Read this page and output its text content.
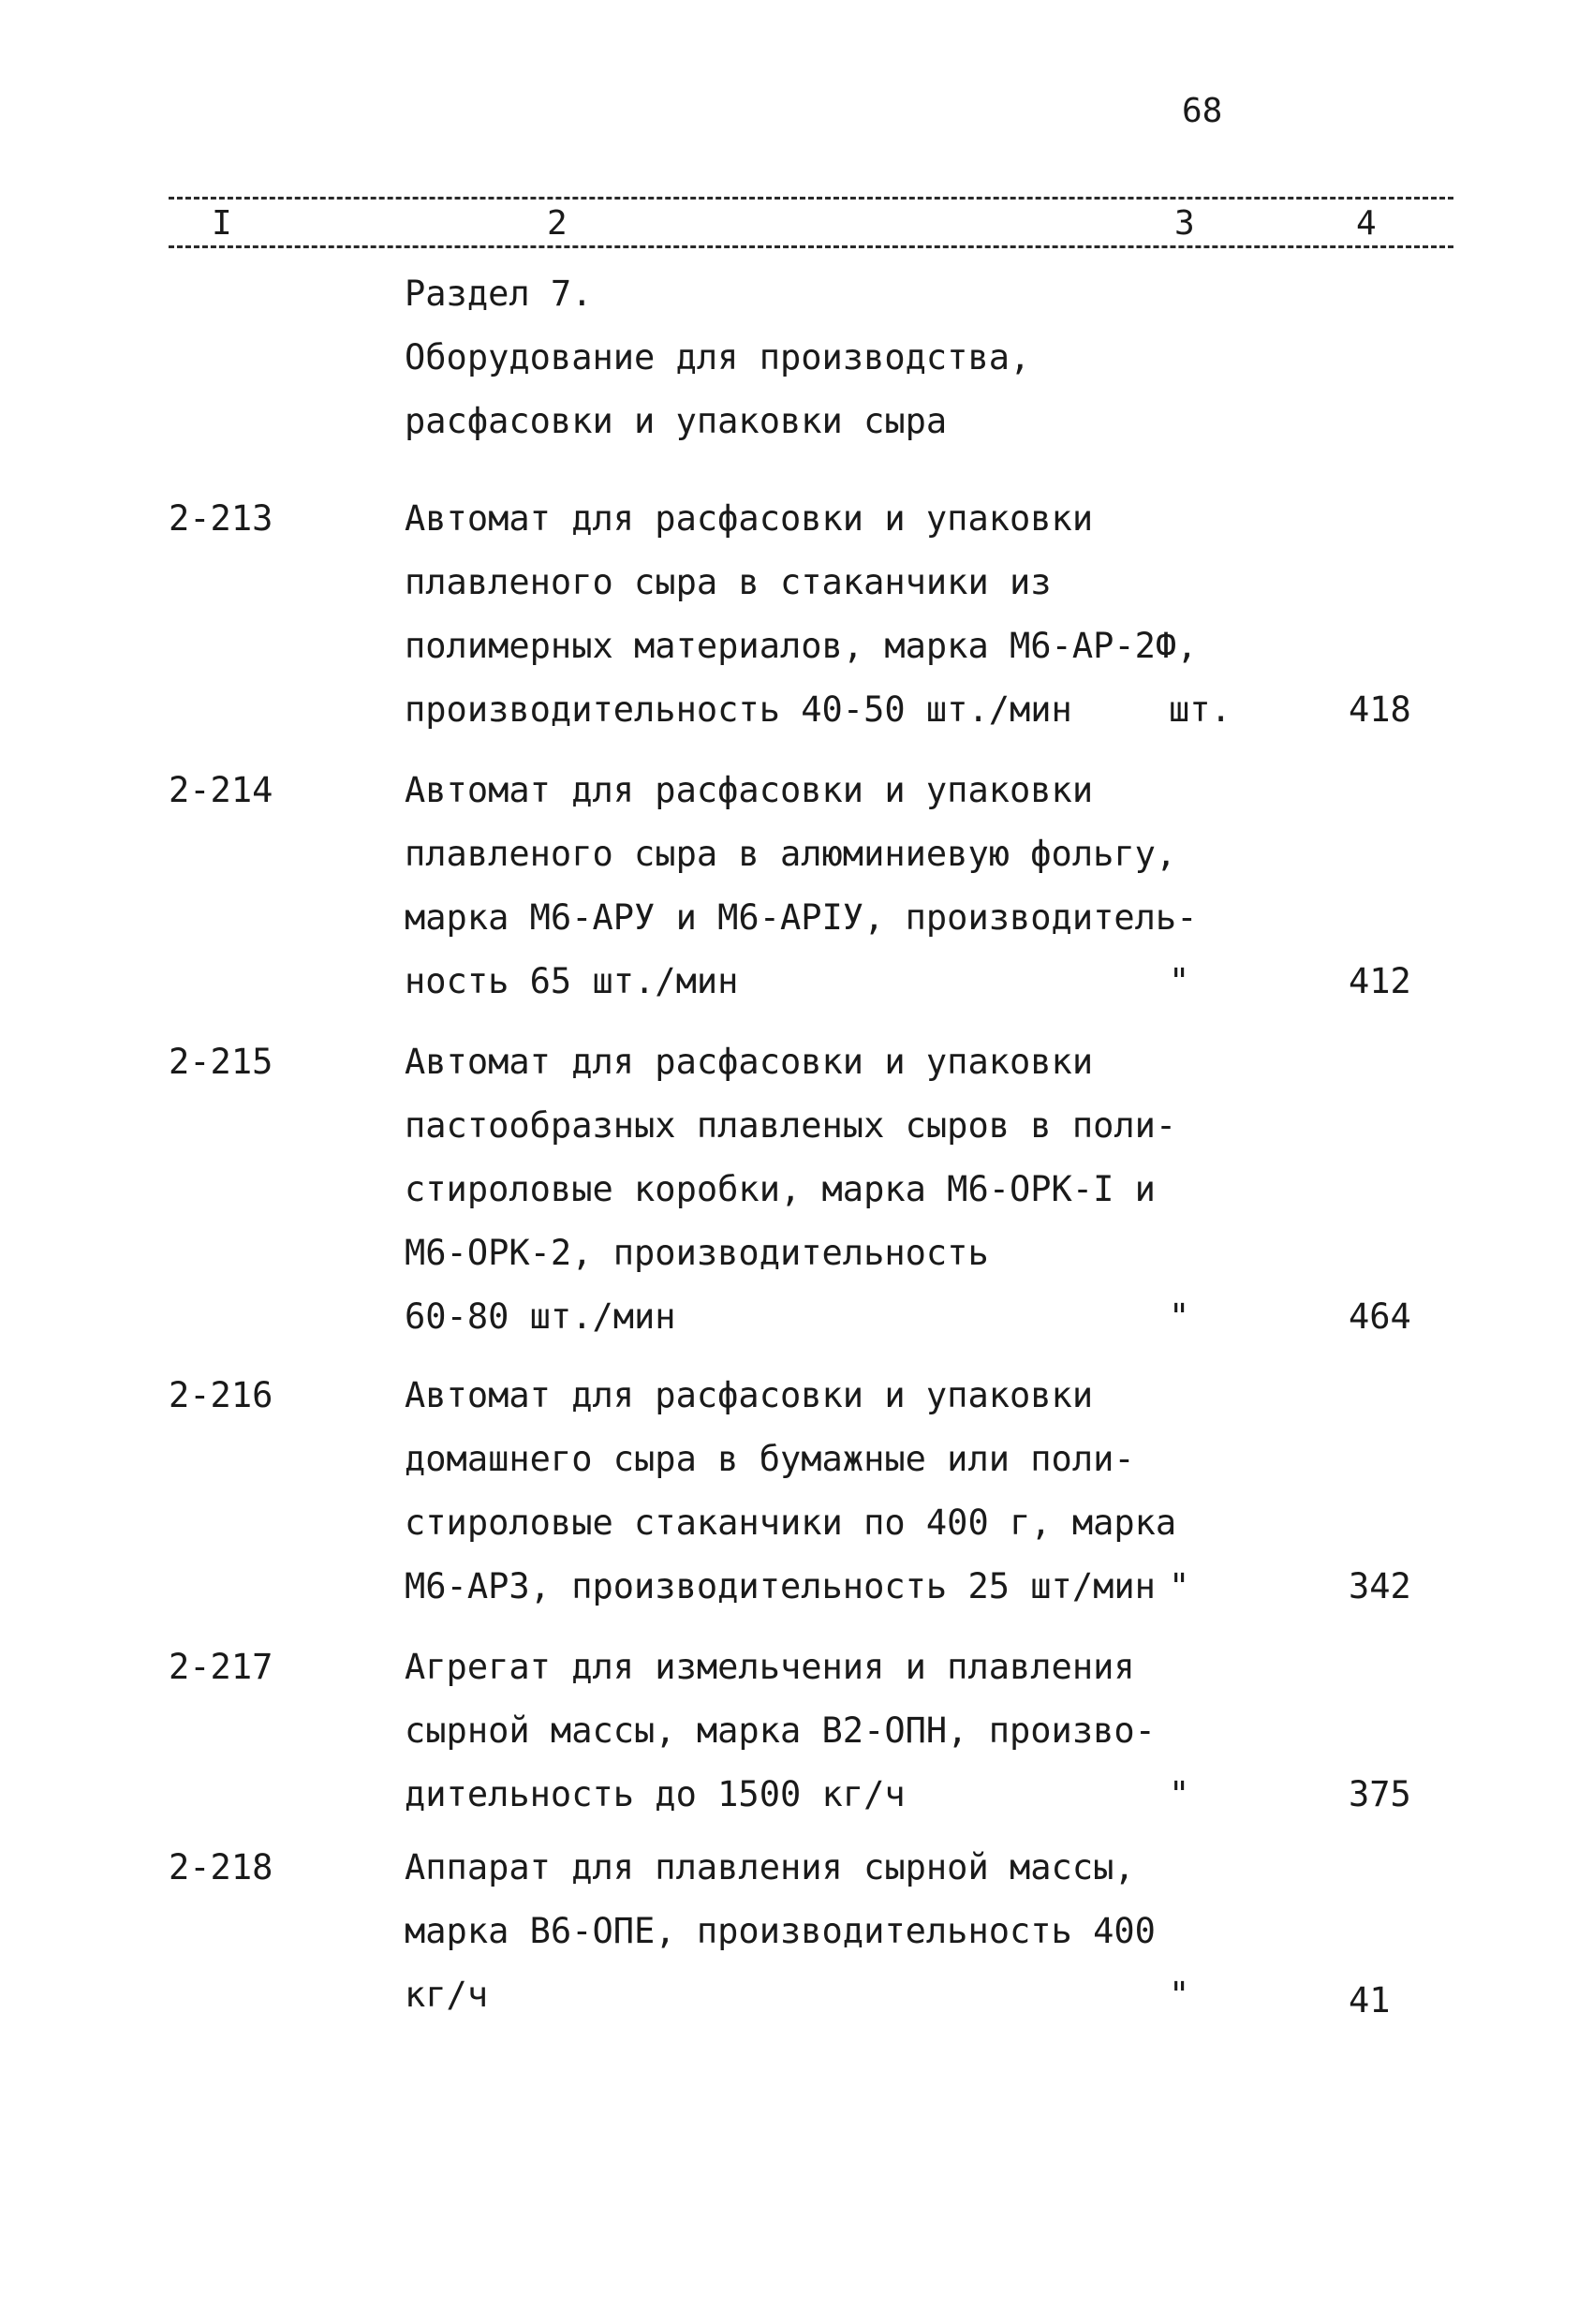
68
I	2	3	4
Раздел 7.
Оборудование для производства,
расфасовки и упаковки сыра
2-213	Автомат для расфасовки и упаковки
плавленого сыра в стаканчики из
полимерных материалов, марка М6-АР-2Ф,
производительность 40-50 шт./мин	шт.	418
2-214	Автомат для расфасовки и упаковки
плавленого сыра в алюминиевую фольгу,
марка М6-АРУ и М6-АРIУ, производитель-
ность 65 шт./мин	"	412
2-215	Автомат для расфасовки и упаковки
пастообразных плавленых сыров в поли-
стироловые коробки, марка М6-ОРК-I и
М6-ОРК-2, производительность
60-80 шт./мин	"	464
2-216	Автомат для расфасовки и упаковки
домашнего сыра в бумажные или поли-
стироловые стаканчики по 400 г, марка
М6-АРЗ, производительность 25 шт/мин "	342
2-217	Агрегат для измельчения и плавления
сырной массы, марка В2-ОПН, произво-
дительность до 1500 кг/ч	"	375
2-218	Аппарат для плавления сырной массы,
марка В6-ОПЕ, производительность 400
кг/ч	"	41
